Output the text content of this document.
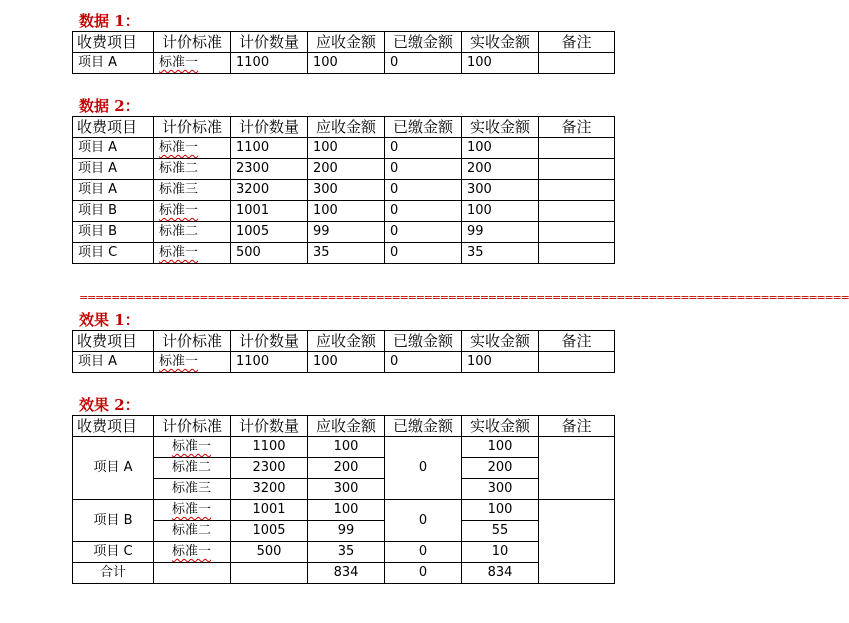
数据 1：
收费项目	计价标准	计价数量	应收金额	已缴金额	实收金额	备注
项目 A	标准一	1100	100	0	100	
数据 2：
收费项目	计价标准	计价数量	应收金额	已缴金额	实收金额	备注
项目 A	标准一	1100	100	0	100	
项目 A	标准二	2300	200	0	200	
项目 A	标准三	3200	300	0	300	
项目 B	标准一	1001	100	0	100	
项目 B	标准二	1005	99	0	99	
项目 C	标准一	500	35	0	35	
================================================================================================
效果 1：
收费项目	计价标准	计价数量	应收金额	已缴金额	实收金额	备注
项目 A	标准一	1100	100	0	100	
效果 2：
收费项目	计价标准	计价数量	应收金额	已缴金额	实收金额	备注
项目 A	标准一	1100	100	0	100	
	标准二	2300	200		200	
	标准三	3200	300		300	
项目 B	标准一	1001	100	0	100	
	标准二	1005	99		55	
项目 C	标准一	500	35	0	10	
合计			834	0	834	
